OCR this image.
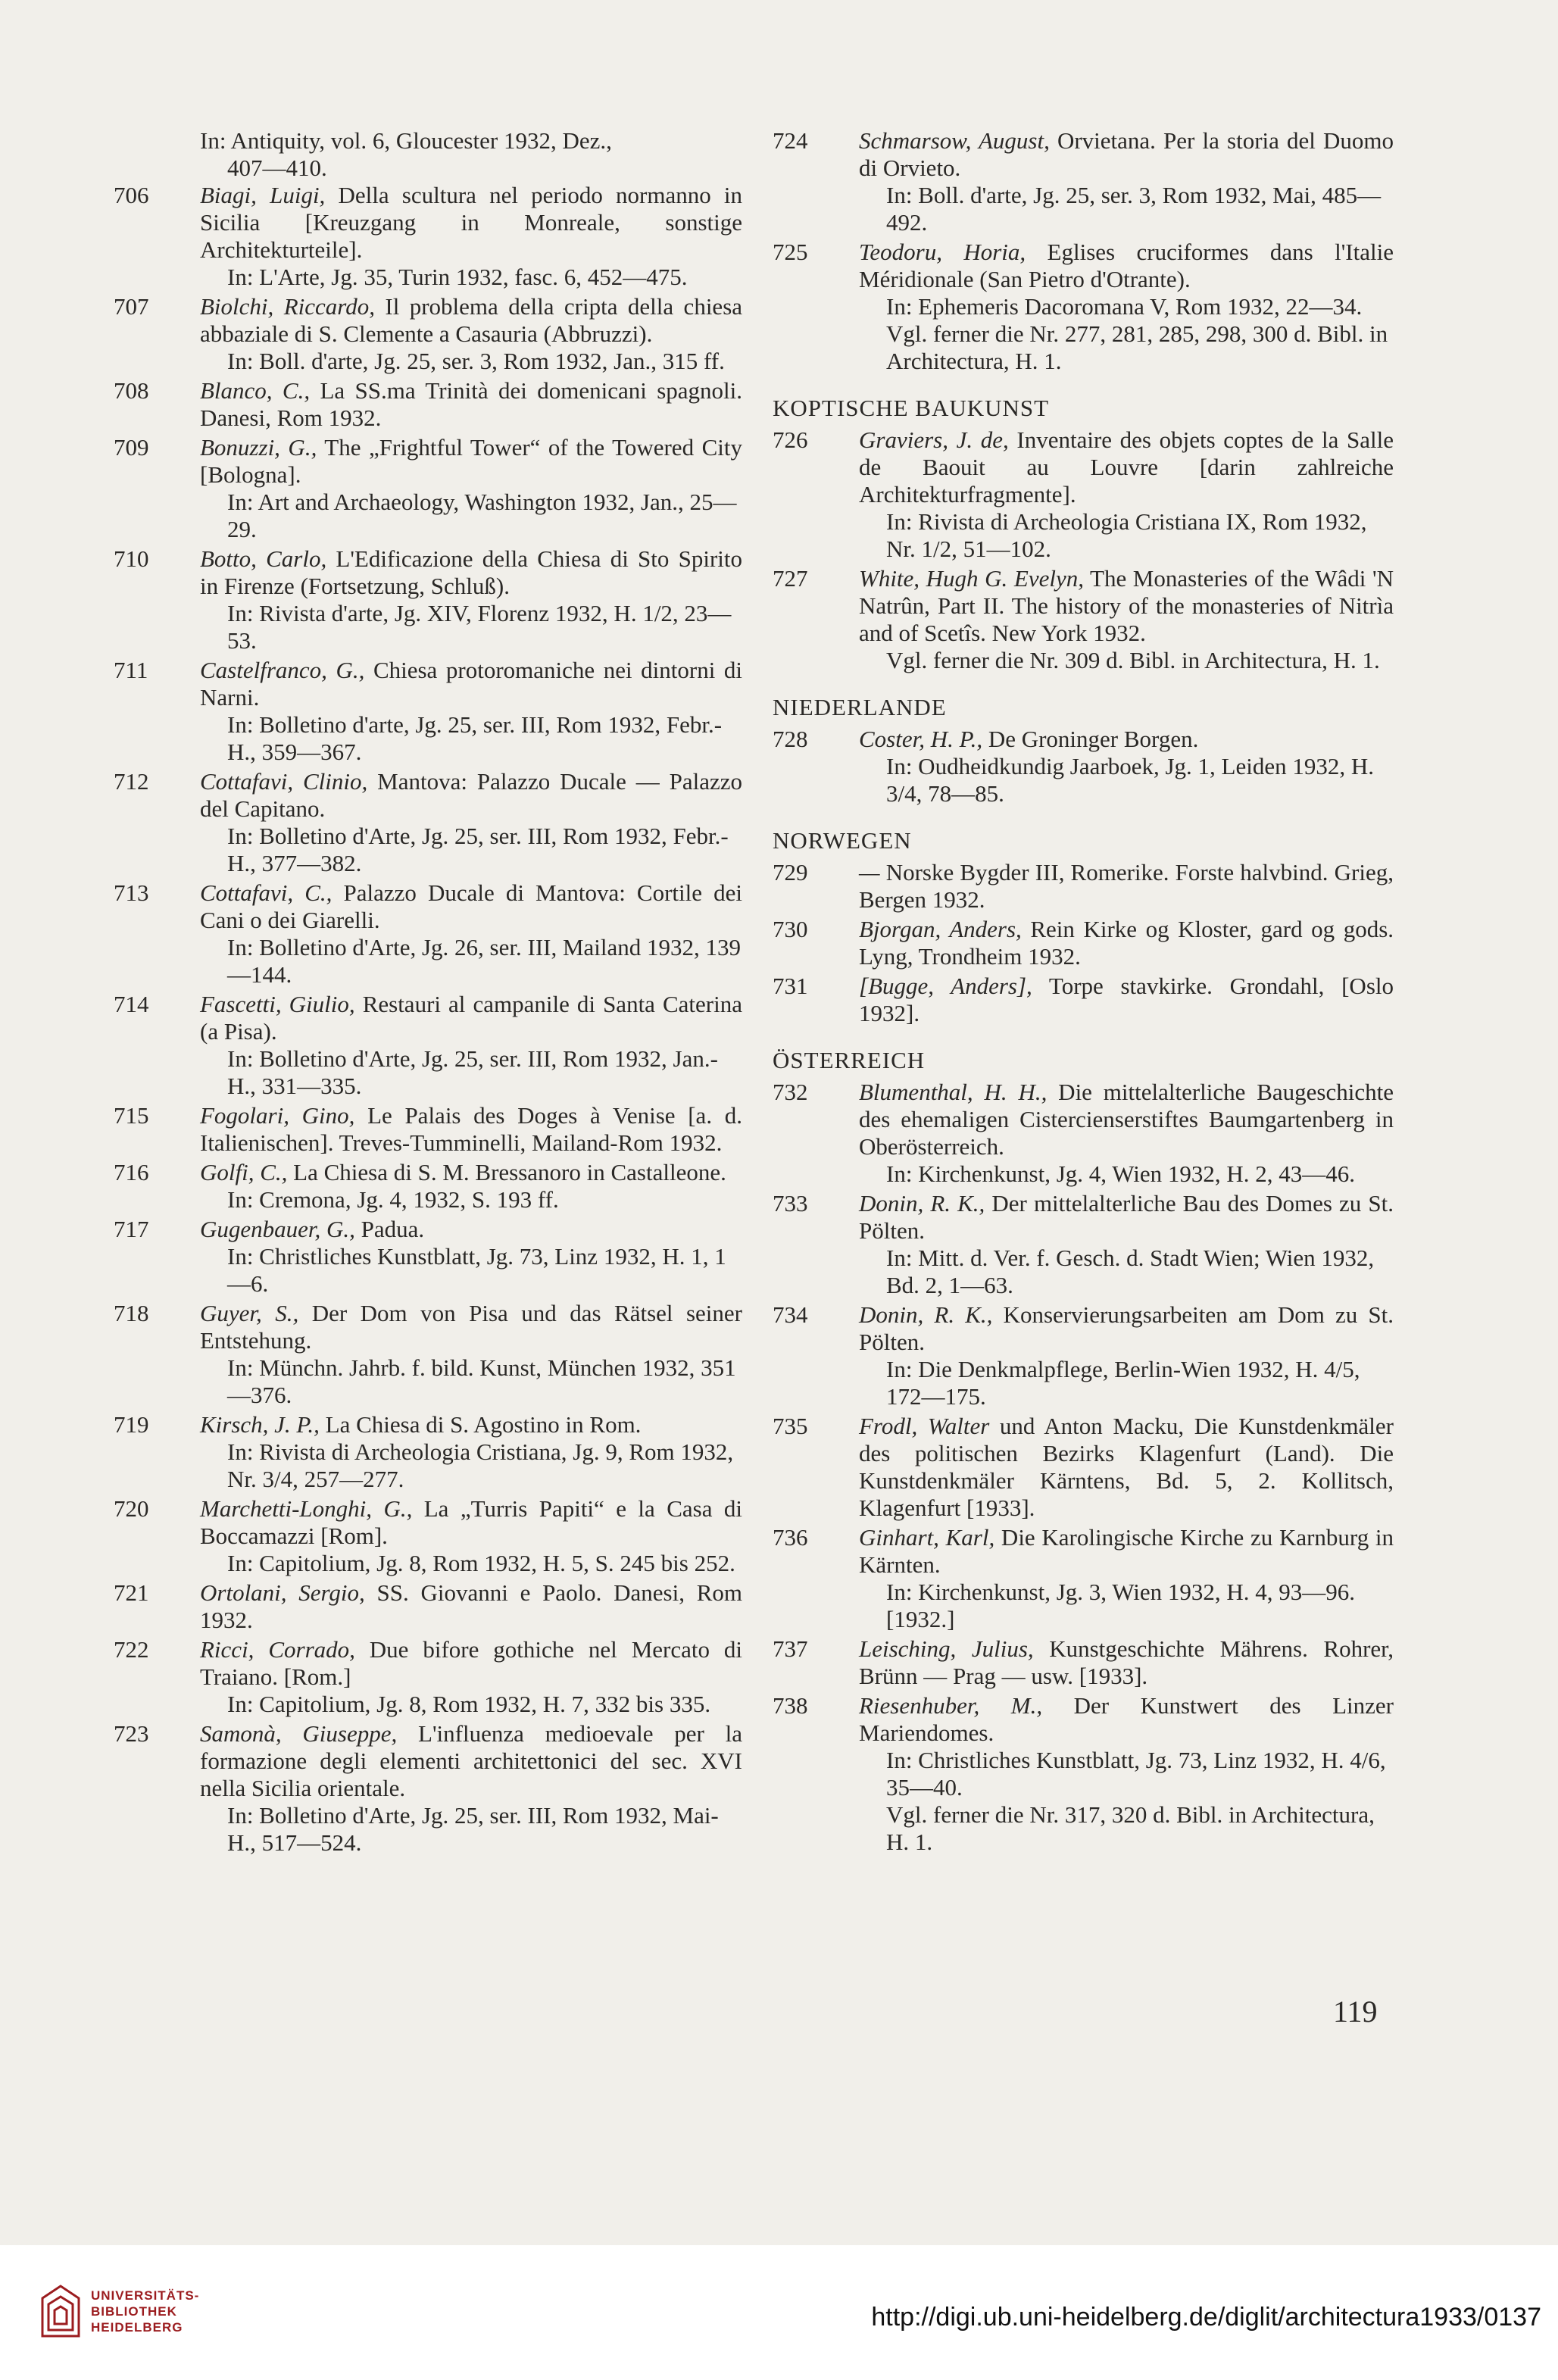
In: Antiquity, vol. 6, Gloucester 1932, Dez.,
407—410.
706 Biagi, Luigi, Della scultura nel periodo normanno in Sicilia [Kreuzgang in Monreale, sonstige Architekturteile].
In: L'Arte, Jg. 35, Turin 1932, fasc. 6, 452—475.
707 Biolchi, Riccardo, Il problema della cripta della chiesa abbaziale di S. Clemente a Casauria (Abbruzzi).
In: Boll. d'arte, Jg. 25, ser. 3, Rom 1932, Jan., 315 ff.
708 Blanco, C., La SS.ma Trinità dei domenicani spagnoli. Danesi, Rom 1932.
709 Bonuzzi, G., The „Frightful Tower“ of the Towered City [Bologna].
In: Art and Archaeology, Washington 1932, Jan., 25—29.
710 Botto, Carlo, L'Edificazione della Chiesa di Sto Spirito in Firenze (Fortsetzung, Schluß).
In: Rivista d'arte, Jg. XIV, Florenz 1932, H. 1/2, 23—53.
711 Castelfranco, G., Chiesa protoromaniche nei dintorni di Narni.
In: Bolletino d'arte, Jg. 25, ser. III, Rom 1932, Febr.-H., 359—367.
712 Cottafavi, Clinio, Mantova: Palazzo Ducale — Palazzo del Capitano.
In: Bolletino d'Arte, Jg. 25, ser. III, Rom 1932, Febr.-H., 377—382.
713 Cottafavi, C., Palazzo Ducale di Mantova: Cortile dei Cani o dei Giarelli.
In: Bolletino d'Arte, Jg. 26, ser. III, Mailand 1932, 139—144.
714 Fascetti, Giulio, Restauri al campanile di Santa Caterina (a Pisa).
In: Bolletino d'Arte, Jg. 25, ser. III, Rom 1932, Jan.-H., 331—335.
715 Fogolari, Gino, Le Palais des Doges à Venise [a. d. Italienischen]. Treves-Tumminelli, Mailand-Rom 1932.
716 Golfi, C., La Chiesa di S. M. Bressanoro in Castalleone.
In: Cremona, Jg. 4, 1932, S. 193 ff.
717 Gugenbauer, G., Padua.
In: Christliches Kunstblatt, Jg. 73, Linz 1932, H. 1, 1—6.
718 Guyer, S., Der Dom von Pisa und das Rätsel seiner Entstehung.
In: Münchn. Jahrb. f. bild. Kunst, München 1932, 351—376.
719 Kirsch, J. P., La Chiesa di S. Agostino in Rom.
In: Rivista di Archeologia Cristiana, Jg. 9, Rom 1932, Nr. 3/4, 257—277.
720 Marchetti-Longhi, G., La „Turris Papiti“ e la Casa di Boccamazzi [Rom].
In: Capitolium, Jg. 8, Rom 1932, H. 5, S. 245 bis 252.
721 Ortolani, Sergio, SS. Giovanni e Paolo. Danesi, Rom 1932.
722 Ricci, Corrado, Due bifore gothiche nel Mercato di Traiano. [Rom.]
In: Capitolium, Jg. 8, Rom 1932, H. 7, 332 bis 335.
723 Samonà, Giuseppe, L'influenza medioevale per la formazione degli elementi architettonici del sec. XVI nella Sicilia orientale.
In: Bolletino d'Arte, Jg. 25, ser. III, Rom 1932, Mai-H., 517—524.
724 Schmarsow, August, Orvietana. Per la storia del Duomo di Orvieto.
In: Boll. d'arte, Jg. 25, ser. 3, Rom 1932, Mai, 485—492.
725 Teodoru, Horia, Eglises cruciformes dans l'Italie Méridionale (San Pietro d'Otrante).
In: Ephemeris Dacoromana V, Rom 1932, 22—34.
Vgl. ferner die Nr. 277, 281, 285, 298, 300 d. Bibl. in Architectura, H. 1.
KOPTISCHE BAUKUNST
726 Graviers, J. de, Inventaire des objets coptes de la Salle de Baouit au Louvre [darin zahlreiche Architekturfragmente].
In: Rivista di Archeologia Cristiana IX, Rom 1932, Nr. 1/2, 51—102.
727 White, Hugh G. Evelyn, The Monasteries of the Wâdi 'N Natrûn, Part II. The history of the monasteries of Nitrìa and of Scetîs. New York 1932.
Vgl. ferner die Nr. 309 d. Bibl. in Architectura, H. 1.
NIEDERLANDE
728 Coster, H. P., De Groninger Borgen.
In: Oudheidkundig Jaarboek, Jg. 1, Leiden 1932, H. 3/4, 78—85.
NORWEGEN
729 — Norske Bygder III, Romerike. Forste halvbind. Grieg, Bergen 1932.
730 Bjorgan, Anders, Rein Kirke og Kloster, gard og gods. Lyng, Trondheim 1932.
731 [Bugge, Anders], Torpe stavkirke. Grondahl, [Oslo 1932].
ÖSTERREICH
732 Blumenthal, H. H., Die mittelalterliche Baugeschichte des ehemaligen Cistercienserstiftes Baumgartenberg in Oberösterreich.
In: Kirchenkunst, Jg. 4, Wien 1932, H. 2, 43—46.
733 Donin, R. K., Der mittelalterliche Bau des Domes zu St. Pölten.
In: Mitt. d. Ver. f. Gesch. d. Stadt Wien; Wien 1932, Bd. 2, 1—63.
734 Donin, R. K., Konservierungsarbeiten am Dom zu St. Pölten.
In: Die Denkmalpflege, Berlin-Wien 1932, H. 4/5, 172—175.
735 Frodl, Walter und Anton Macku, Die Kunstdenkmäler des politischen Bezirks Klagenfurt (Land). Die Kunstdenkmäler Kärntens, Bd. 5, 2. Kollitsch, Klagenfurt [1933].
736 Ginhart, Karl, Die Karolingische Kirche zu Karnburg in Kärnten.
In: Kirchenkunst, Jg. 3, Wien 1932, H. 4, 93—96. [1932.]
737 Leisching, Julius, Kunstgeschichte Mährens. Rohrer, Brünn — Prag — usw. [1933].
738 Riesenhuber, M., Der Kunstwert des Linzer Mariendomes.
In: Christliches Kunstblatt, Jg. 73, Linz 1932, H. 4/6, 35—40.
Vgl. ferner die Nr. 317, 320 d. Bibl. in Architectura, H. 1.
119
UNIVERSITÄTS-
BIBLIOTHEK
HEIDELBERG	http://digi.ub.uni-heidelberg.de/diglit/architectura1933/0137
